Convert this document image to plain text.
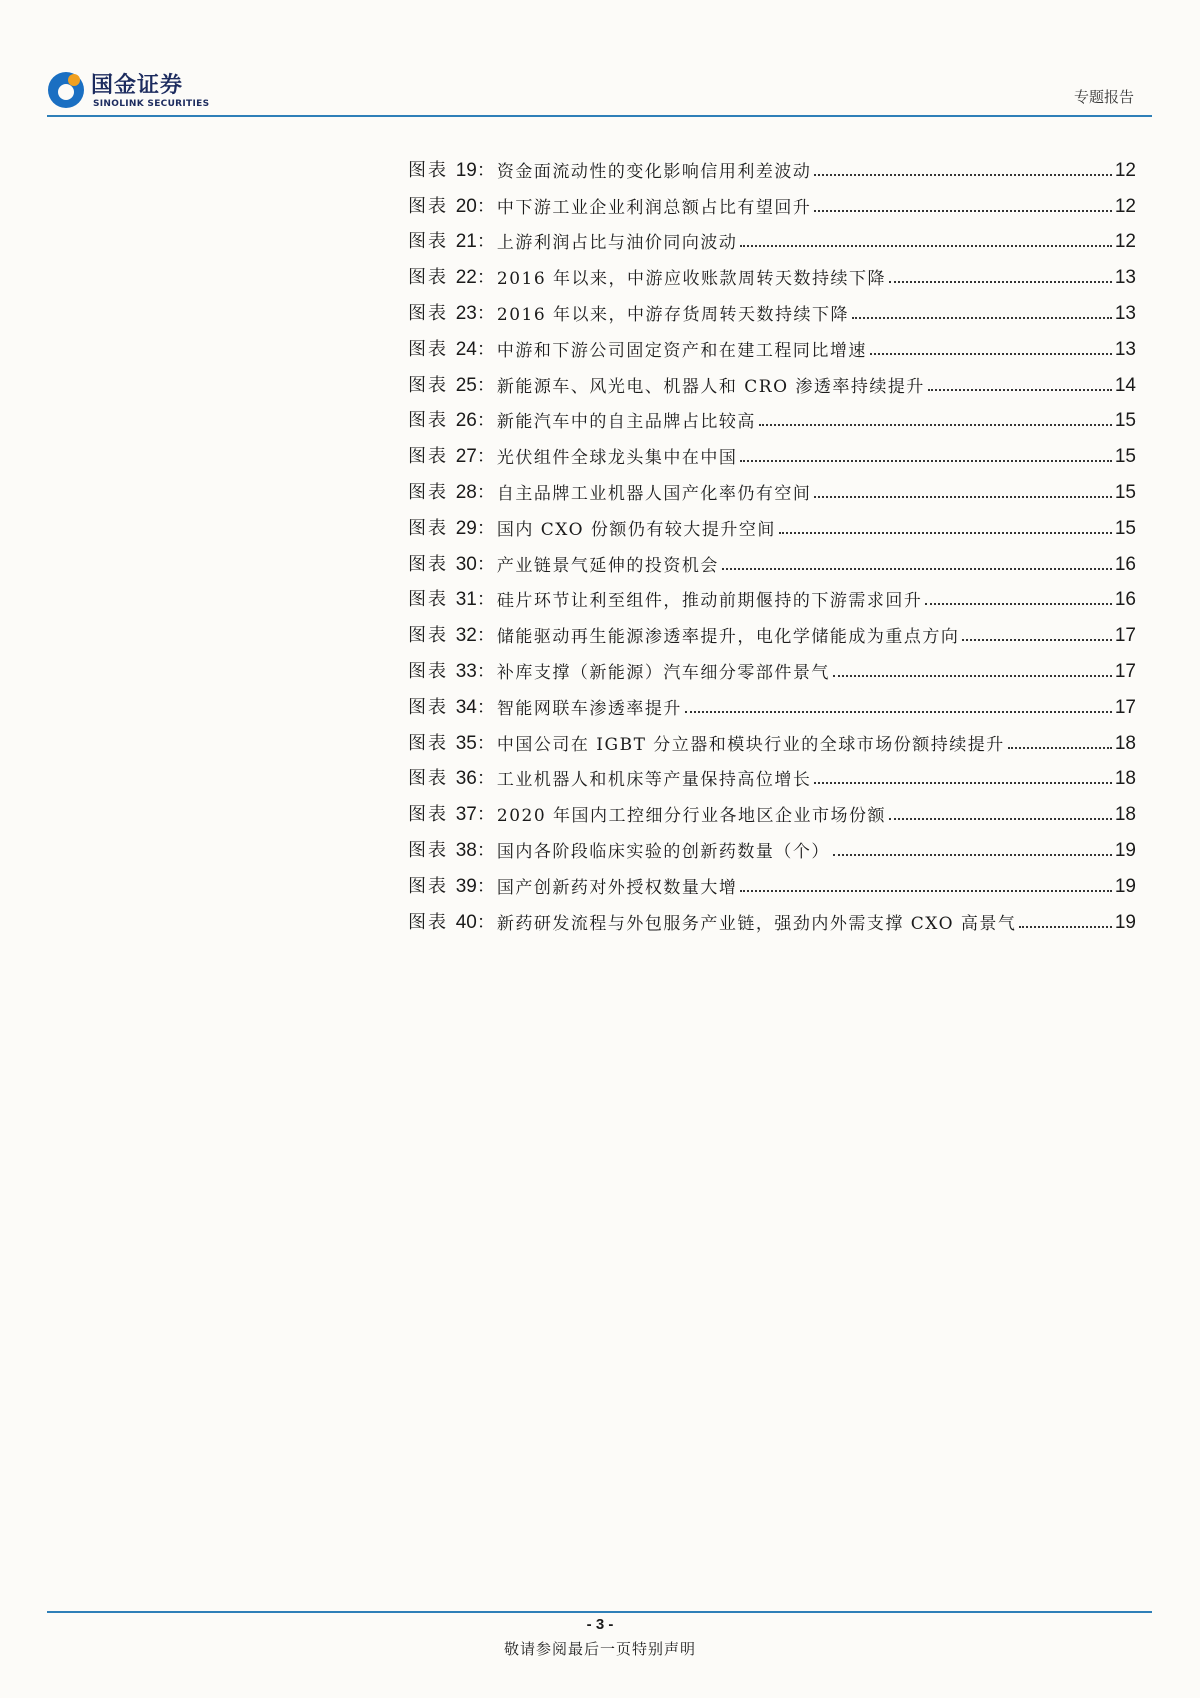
国金证券
SINOLINK SECURITIES	专题报告
图表 19： 资金面流动性的变化影响信用利差波动	12
图表 20： 中下游工业企业利润总额占比有望回升	12
图表 21： 上游利润占比与油价同向波动	12
图表 22： 2016 年以来，中游应收账款周转天数持续下降	13
图表 23： 2016 年以来，中游存货周转天数持续下降	13
图表 24： 中游和下游公司固定资产和在建工程同比增速	13
图表 25： 新能源车、风光电、机器人和 CRO 渗透率持续提升	14
图表 26： 新能汽车中的自主品牌占比较高	15
图表 27： 光伏组件全球龙头集中在中国	15
图表 28： 自主品牌工业机器人国产化率仍有空间	15
图表 29： 国内 CXO 份额仍有较大提升空间	15
图表 30： 产业链景气延伸的投资机会	16
图表 31： 硅片环节让利至组件，推动前期偃持的下游需求回升	16
图表 32： 储能驱动再生能源渗透率提升，电化学储能成为重点方向	17
图表 33： 补库支撑（新能源）汽车细分零部件景气	17
图表 34： 智能网联车渗透率提升	17
图表 35： 中国公司在 IGBT 分立器和模块行业的全球市场份额持续提升	18
图表 36： 工业机器人和机床等产量保持高位增长	18
图表 37： 2020 年国内工控细分行业各地区企业市场份额	18
图表 38： 国内各阶段临床实验的创新药数量（个）	19
图表 39： 国产创新药对外授权数量大增	19
图表 40： 新药研发流程与外包服务产业链，强劲内外需支撑 CXO 高景气	19
- 3 -
敬请参阅最后一页特别声明
